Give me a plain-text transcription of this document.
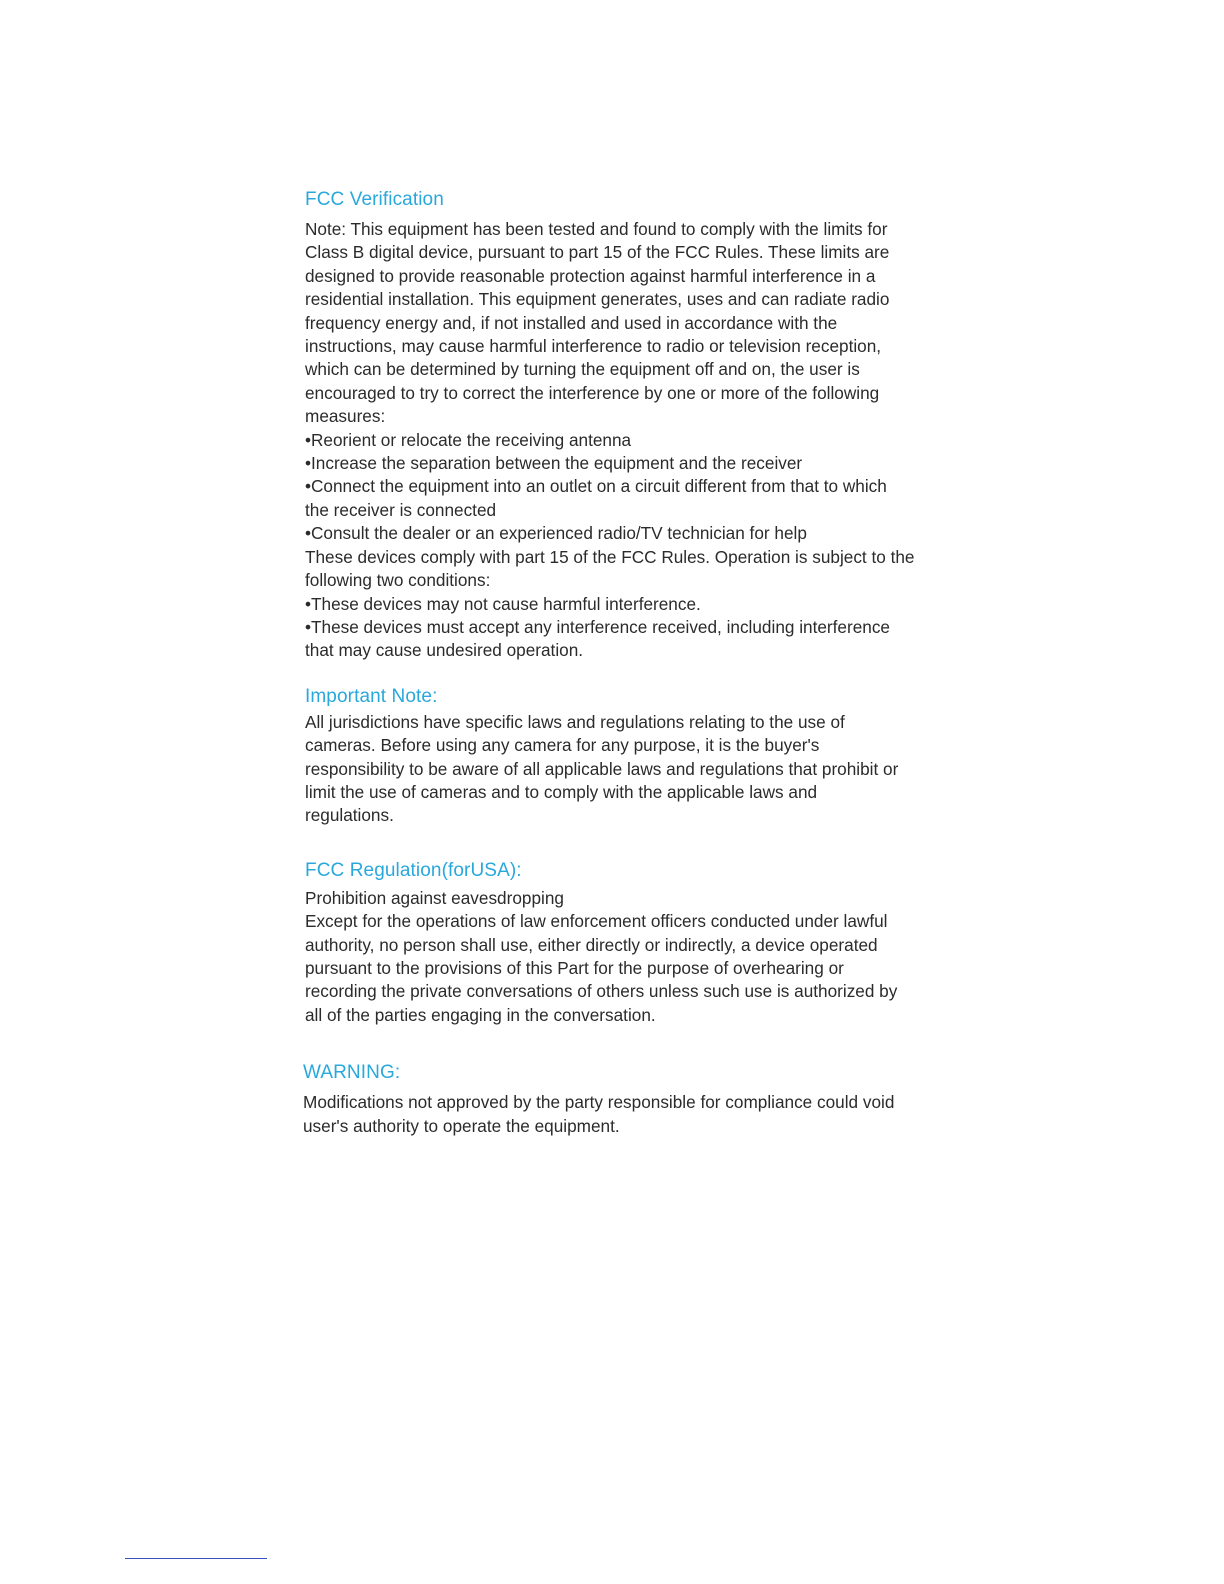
FCC Verification

Note: This equipment has been tested and found to comply with the limits for
Class B digital device, pursuant to part 15 of the FCC Rules. These limits are
designed to provide reasonable protection against harmful interference in a
residential installation. This equipment generates, uses and can radiate radio
frequency energy and, if not installed and used in accordance with the
instructions, may cause harmful interference to radio or television reception,
which can be determined by turning the equipment off and on, the user is
encouraged to try to correct the interference by one or more of the following
measures:
•Reorient or relocate the receiving antenna
•Increase the separation between the equipment and the receiver
•Connect the equipment into an outlet on a circuit different from that to which
the receiver is connected
•Consult the dealer or an experienced radio/TV technician for help
These devices comply with part 15 of the FCC Rules. Operation is subject to the
following two conditions:
•These devices may not cause harmful interference.
•These devices must accept any interference received, including interference
that may cause undesired operation.

Important Note:

All jurisdictions have specific laws and regulations relating to the use of
cameras. Before using any camera for any purpose, it is the buyer's
responsibility to be aware of all applicable laws and regulations that prohibit or
limit the use of cameras and to comply with the applicable laws and
regulations.

FCC Regulation(forUSA):

Prohibition against eavesdropping
Except for the operations of law enforcement officers conducted under lawful
authority, no person shall use, either directly or indirectly, a device operated
pursuant to the provisions of this Part for the purpose of overhearing or
recording the private conversations of others unless such use is authorized by
all of the parties engaging in the conversation.

WARNING:

Modifications not approved by the party responsible for compliance could void
user's authority to operate the equipment.
